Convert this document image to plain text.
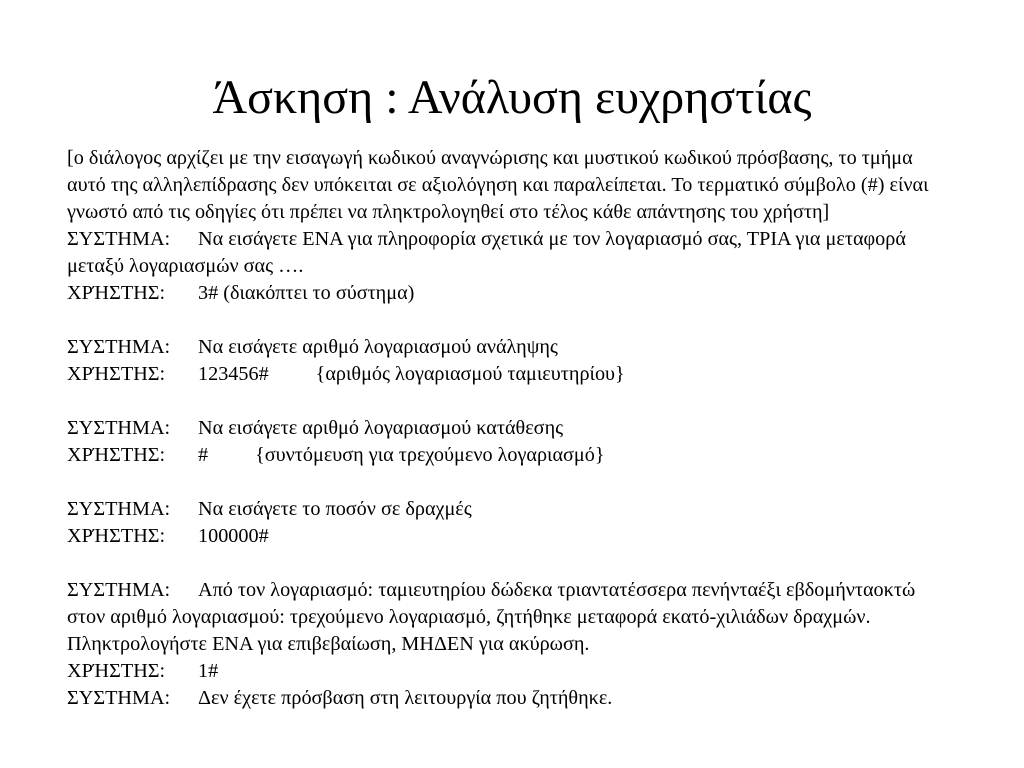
Άσκηση : Ανάλυση ευχρηστίας
[ο διάλογος αρχίζει με την εισαγωγή κωδικού αναγνώρισης και μυστικού κωδικού πρόσβασης, το τμήμα
αυτό της αλληλεπίδρασης δεν υπόκειται σε αξιολόγηση και παραλείπεται. Το τερματικό σύμβολο (#) είναι
γνωστό από τις οδηγίες ότι πρέπει να πληκτρολογηθεί στο τέλος κάθε απάντησης του χρήστη]
ΣΥΣΤΗΜΑ: Να εισάγετε ΕΝΑ για πληροφορία σχετικά με τον λογαριασμό σας, ΤΡΙΑ για μεταφορά
μεταξύ λογαριασμών σας ….
ΧΡΉΣΤΗΣ: 3# (διακόπτει το σύστημα)
ΣΥΣΤΗΜΑ: Να εισάγετε αριθμό λογαριασμού ανάληψης
ΧΡΉΣΤΗΣ: 123456# {αριθμός λογαριασμού ταμιευτηρίου}
ΣΥΣΤΗΜΑ: Να εισάγετε αριθμό λογαριασμού κατάθεσης
ΧΡΉΣΤΗΣ: # {συντόμευση για τρεχούμενο λογαριασμό}
ΣΥΣΤΗΜΑ: Να εισάγετε το ποσόν σε δραχμές
ΧΡΉΣΤΗΣ: 100000#
ΣΥΣΤΗΜΑ: Από τον λογαριασμό: ταμιευτηρίου δώδεκα τριαντατέσσερα πενήνταέξι εβδομήνταοκτώ
στον αριθμό λογαριασμού: τρεχούμενο λογαριασμό, ζητήθηκε μεταφορά εκατό-χιλιάδων δραχμών.
Πληκτρολογήστε ΕΝΑ για επιβεβαίωση, ΜΗΔΕΝ για ακύρωση.
ΧΡΉΣΤΗΣ: 1#
ΣΥΣΤΗΜΑ: Δεν έχετε πρόσβαση στη λειτουργία που ζητήθηκε.
